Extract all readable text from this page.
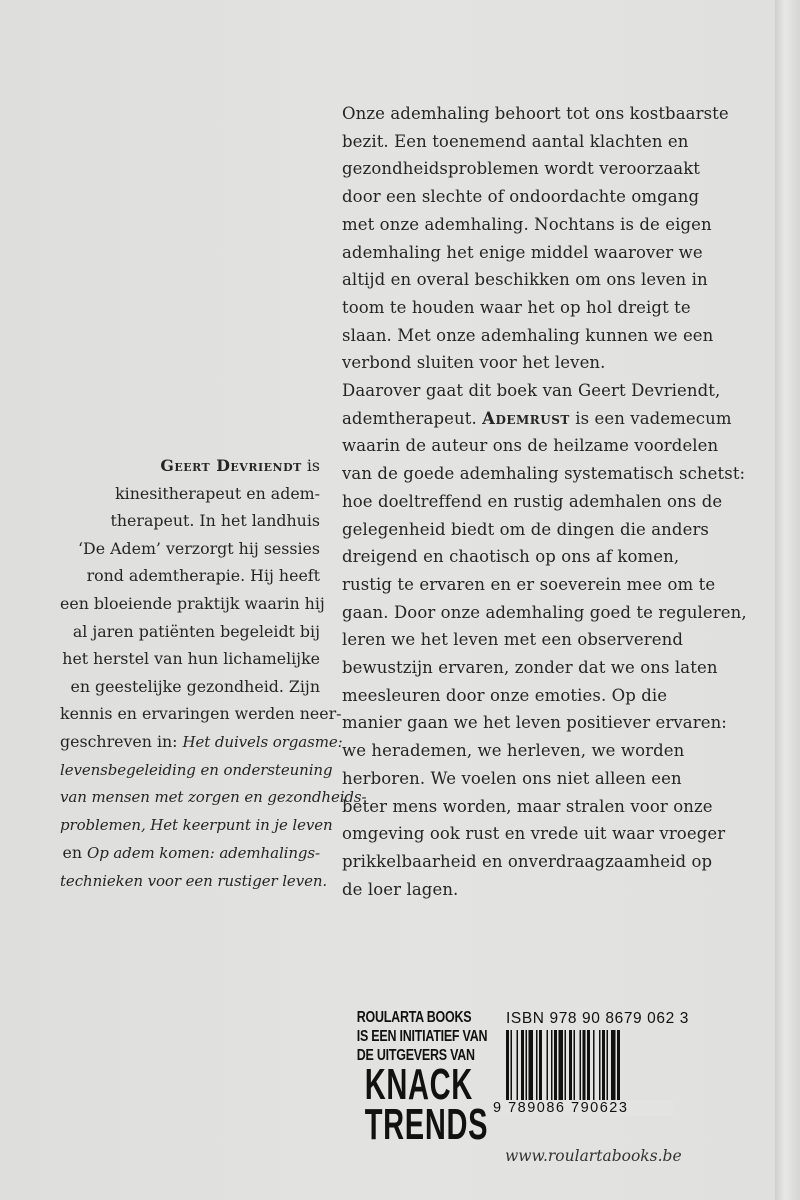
Onze ademhaling behoort tot ons kostbaarste
bezit. Een toenemend aantal klachten en
gezondheidsproblemen wordt veroorzaakt
door een slechte of ondoordachte omgang
met onze ademhaling. Nochtans is de eigen
ademhaling het enige middel waarover we
altijd en overal beschikken om ons leven in
toom te houden waar het op hol dreigt te
slaan. Met onze ademhaling kunnen we een
verbond sluiten voor het leven.
Daarover gaat dit boek van Geert Devriendt,
ademtherapeut. Ademrust is een vademecum
waarin de auteur ons de heilzame voordelen
van de goede ademhaling systematisch schetst:
hoe doeltreffend en rustig ademhalen ons de
gelegenheid biedt om de dingen die anders
dreigend en chaotisch op ons af komen,
rustig te ervaren en er soeverein mee om te
gaan. Door onze ademhaling goed te reguleren,
leren we het leven met een observerend
bewustzijn ervaren, zonder dat we ons laten
meesleuren door onze emoties. Op die
manier gaan we het leven positiever ervaren:
we herademen, we herleven, we worden
herboren. We voelen ons niet alleen een
beter mens worden, maar stralen voor onze
omgeving ook rust en vrede uit waar vroeger
prikkelbaarheid en onverdraagzaamheid op
de loer lagen.
Geert Devriendt is
kinesitherapeut en adem-
therapeut. In het landhuis
‘De Adem’ verzorgt hij sessies
rond ademtherapie. Hij heeft
een bloeiende praktijk waarin hij
al jaren patiënten begeleidt bij
het herstel van hun lichamelijke
en geestelijke gezondheid. Zijn
kennis en ervaringen werden neer-
geschreven in: Het duivels orgasme:
levensbegeleiding en ondersteuning
van mensen met zorgen en gezondheids-
problemen, Het keerpunt in je leven
en Op adem komen: ademhalings-
technieken voor een rustiger leven.
ROULARTA BOOKS
IS EEN INITIATIEF VAN
DE UITGEVERS VAN
KNACK
TRENDS
ISBN 978 90 8679 062 3
9 789086 790623
www.roulartabooks.be
